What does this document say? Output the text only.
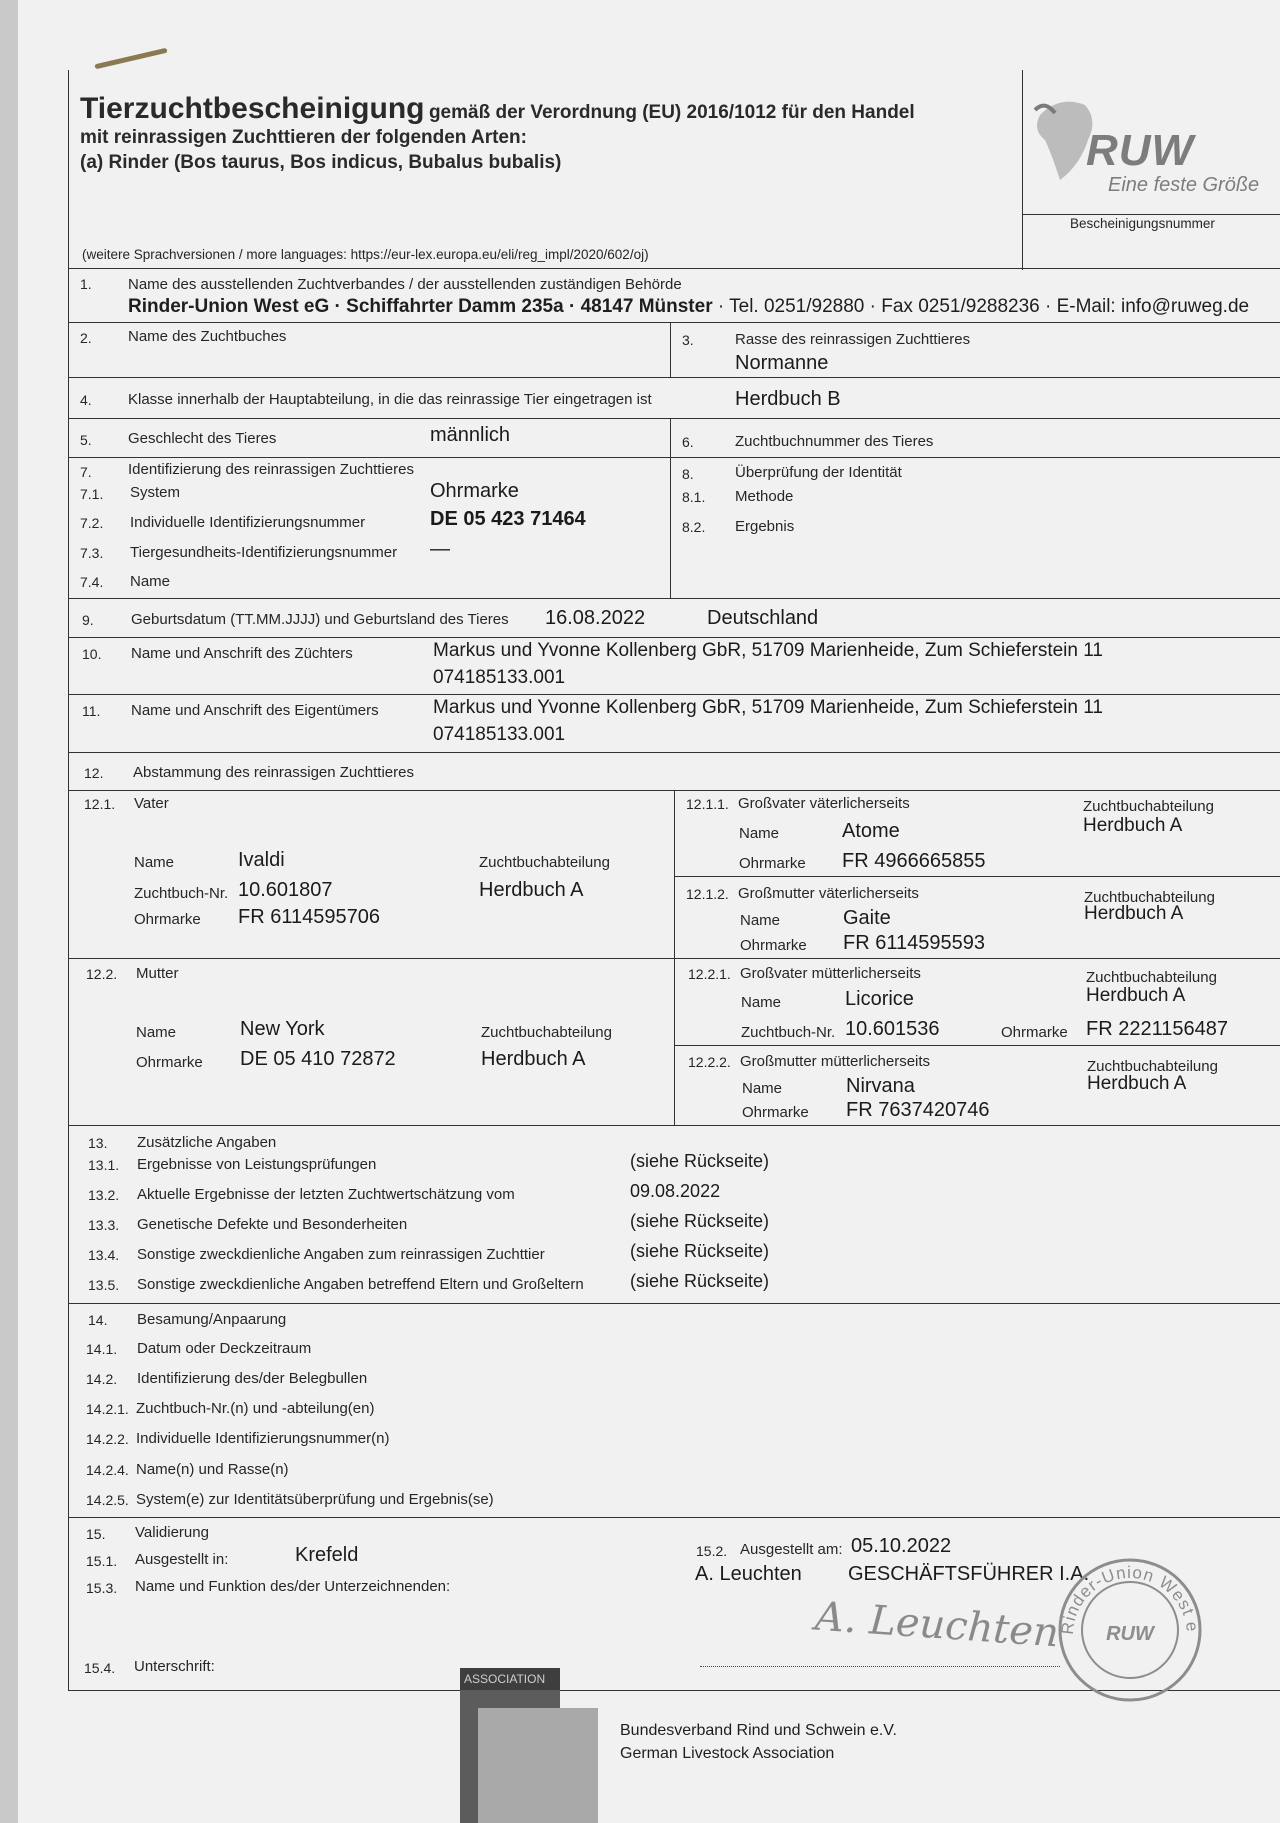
Tierzuchtbescheinigung gemäß der Verordnung (EU) 2016/1012 für den Handel
mit reinrassigen Zuchttieren der folgenden Arten:
(a) Rinder (Bos taurus, Bos indicus, Bubalus bubalis)
(weitere Sprachversionen / more languages: https://eur-lex.europa.eu/eli/reg_impl/2020/602/oj)
RUW
Eine feste Größe
Bescheinigungsnummer
1. Name des ausstellenden Zuchtverbandes / der ausstellenden zuständigen Behörde
Rinder-Union West eG · Schiffahrter Damm 235a · 48147 Münster · Tel. 0251/92880 · Fax 0251/9288236 · E-Mail: info@ruweg.de
2. Name des Zuchtbuches	3.	Rasse des reinrassigen Zuchttieres
Normanne
4. Klasse innerhalb der Hauptabteilung, in die das reinrassige Tier eingetragen ist	Herdbuch B
5. Geschlecht des Tieres	männlich	6.	Zuchtbuchnummer des Tieres
7. Identifizierung des reinrassigen Zuchttieres
7.1. System	Ohrmarke
7.2. Individuelle Identifizierungsnummer	DE 05 423 71464
7.3. Tiergesundheits-Identifizierungsnummer —
7.4. Name
8.	Überprüfung der Identität
8.1. Methode
8.2. Ergebnis
9. Geburtsdatum (TT.MM.JJJJ) und Geburtsland des Tieres 16.08.2022	Deutschland
10. Name und Anschrift des Züchters	Markus und Yvonne Kollenberg GbR, 51709 Marienheide, Zum Schieferstein 11
074185133.001
11. Name und Anschrift des Eigentümers	Markus und Yvonne Kollenberg GbR, 51709 Marienheide, Zum Schieferstein 11
074185133.001
12. Abstammung des reinrassigen Zuchttieres
12.1. Vater
Name	Ivaldi	Zuchtbuchabteilung
Zuchtbuch-Nr. 10.601807	Herdbuch A
Ohrmarke FR 6114595706
12.1.1. Großvater väterlicherseits	Zuchtbuchabteilung
Herdbuch A
Name	Atome
Ohrmarke FR 4966665855
12.1.2. Großmutter väterlicherseits	Zuchtbuchabteilung
Herdbuch A
Name	Gaite
Ohrmarke FR 6114595593
12.2. Mutter
Name	New York	Zuchtbuchabteilung
Ohrmarke DE 05 410 72872	Herdbuch A
12.2.1. Großvater mütterlicherseits	Zuchtbuchabteilung
Herdbuch A
Name	Licorice
Zuchtbuch-Nr. 10.601536	Ohrmarke FR 2221156487
12.2.2. Großmutter mütterlicherseits	Zuchtbuchabteilung
Herdbuch A
Name	Nirvana
Ohrmarke FR 7637420746
13. Zusätzliche Angaben
13.1. Ergebnisse von Leistungsprüfungen	(siehe Rückseite)
13.2. Aktuelle Ergebnisse der letzten Zuchtwertschätzung vom	09.08.2022
13.3. Genetische Defekte und Besonderheiten	(siehe Rückseite)
13.4. Sonstige zweckdienliche Angaben zum reinrassigen Zuchttier	(siehe Rückseite)
13.5. Sonstige zweckdienliche Angaben betreffend Eltern und Großeltern	(siehe Rückseite)
14. Besamung/Anpaarung
14.1. Datum oder Deckzeitraum
14.2. Identifizierung des/der Belegbullen
14.2.1. Zuchtbuch-Nr.(n) und -abteilung(en)
14.2.2. Individuelle Identifizierungsnummer(n)
14.2.4. Name(n) und Rasse(n)
14.2.5. System(e) zur Identitätsüberprüfung und Ergebnis(se)
15. Validierung
15.1. Ausgestellt in:	Krefeld	15.2. Ausgestellt am: 05.10.2022
15.3. Name und Funktion des/der Unterzeichnenden:
A. Leuchten GESCHÄFTSFÜHRER I.A.
A. Leuchten
15.4. Unterschrift:
Rinder-Union West e
RUW
ASSOCIATION
Bundesverband Rind und Schwein e.V.
German Livestock Association
